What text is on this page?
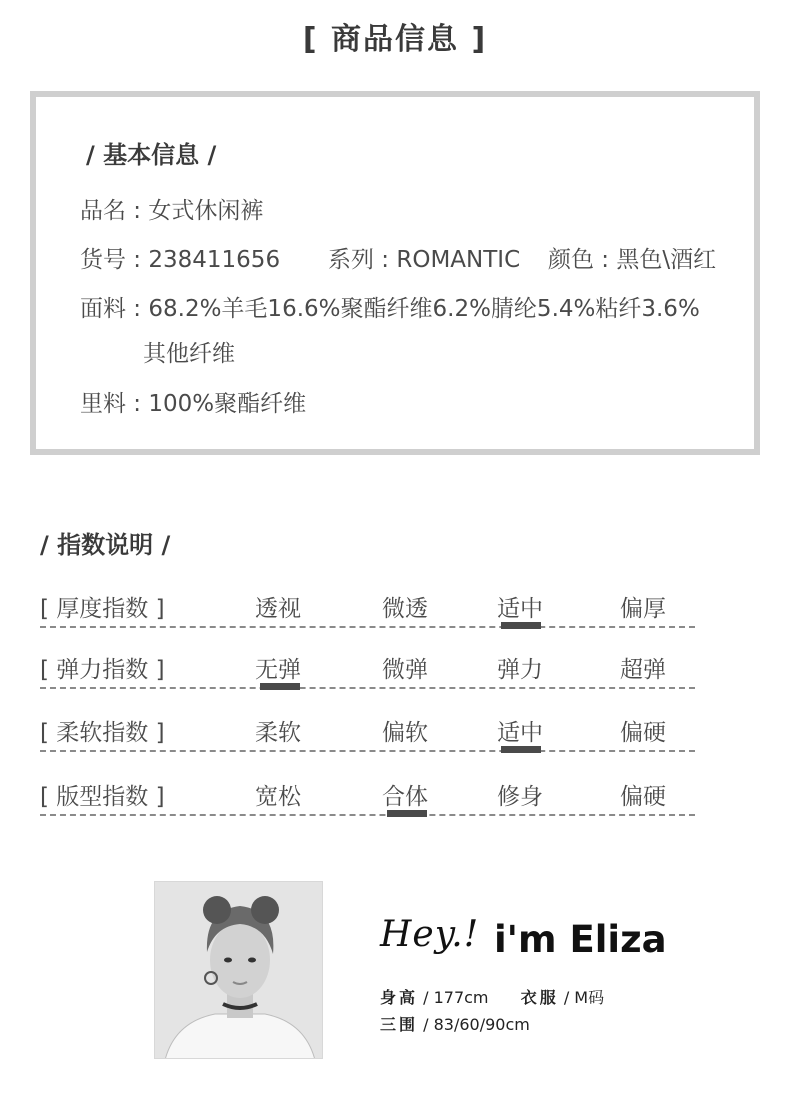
[ 商品信息 ]
/ 基本信息 /
品名 : 女式休闲裤
货号 : 238411656 系列 : ROMANTIC 颜色 : 黑色\酒红
面料 : 68.2%羊毛16.6%聚酯纤维6.2%腈纶5.4%粘纤3.6%
其他纤维
里料 : 100%聚酯纤维
/ 指数说明 /
[ 厚度指数 ]	透视	微透	适中	偏厚
[ 弹力指数 ]	无弹	微弹	弹力	超弹
[ 柔软指数 ]	柔软	偏软	适中	偏硬
[ 版型指数 ]	宽松	合体	修身	偏硬
Hey.! i'm Eliza
身高 / 177cm 衣服 / M码
三围 / 83/60/90cm
